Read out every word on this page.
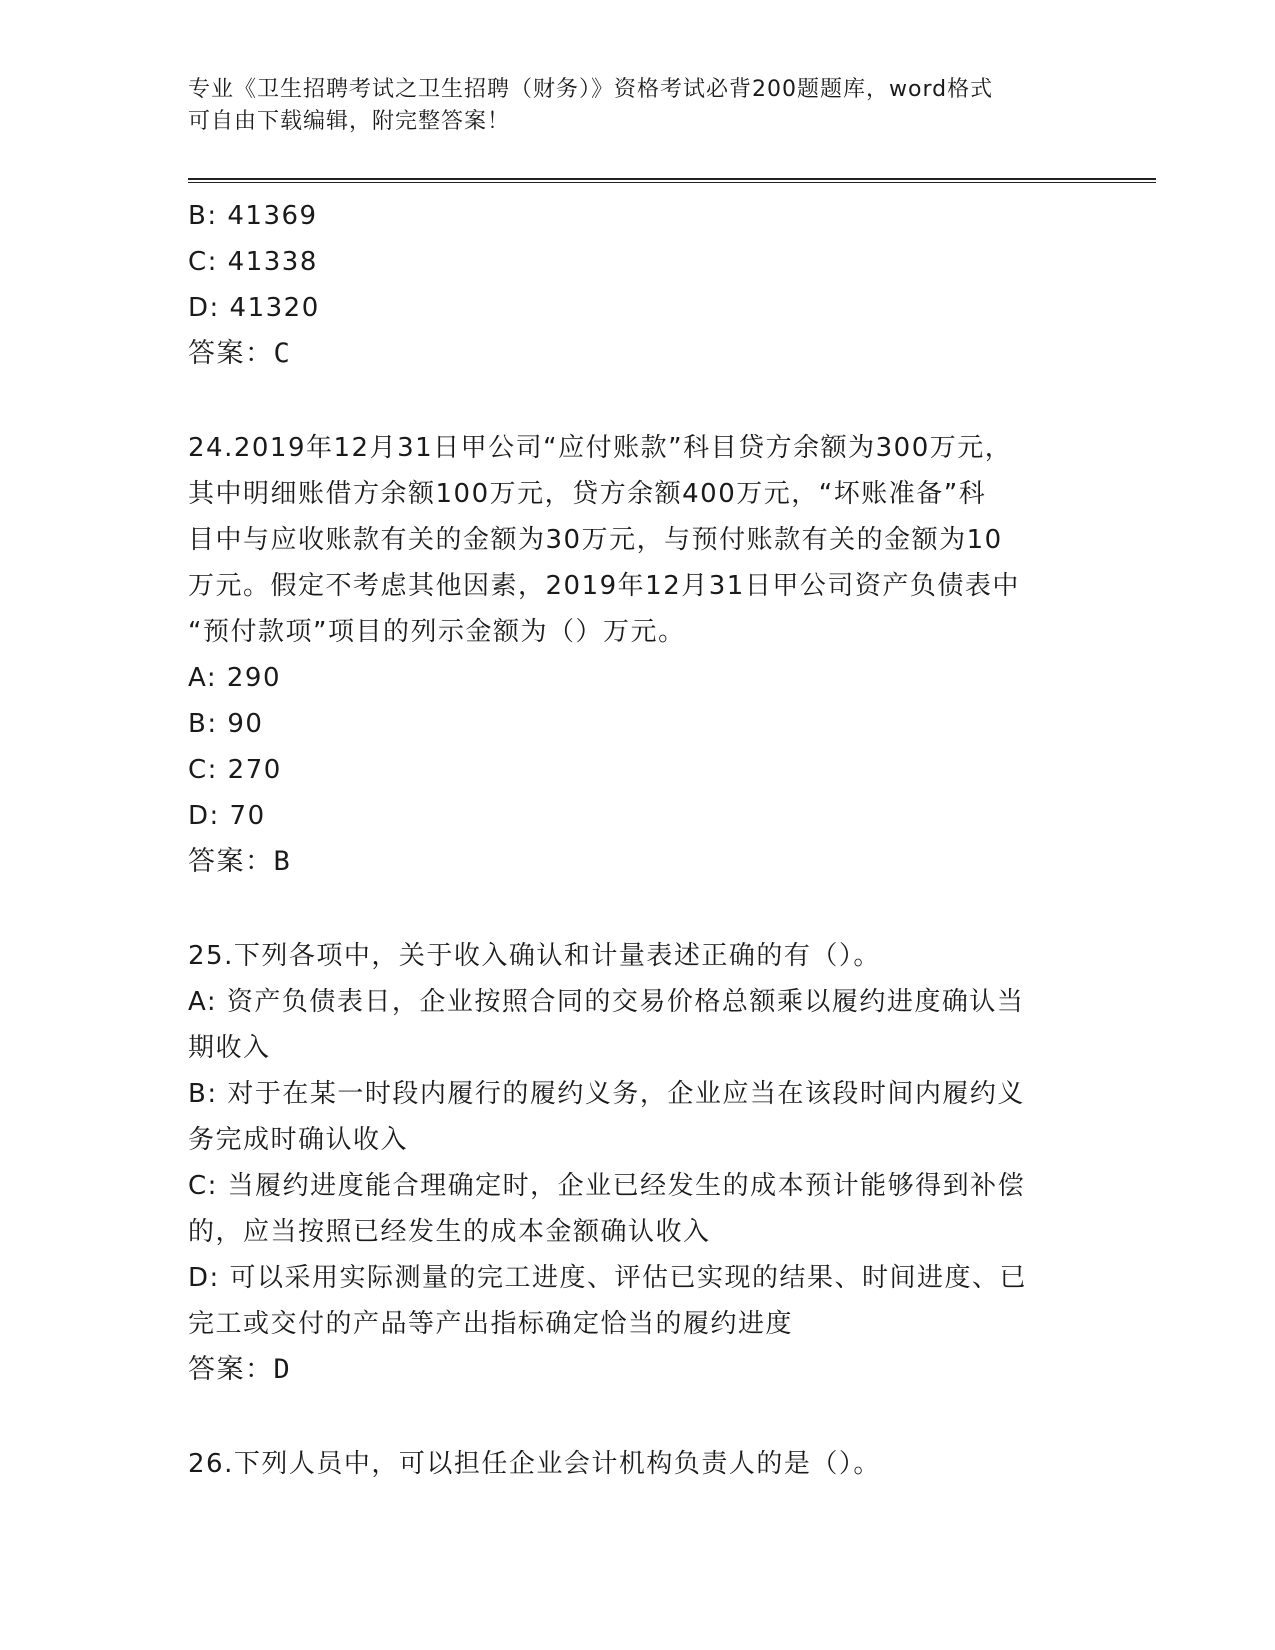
专业《卫生招聘考试之卫生招聘（财务）》资格考试必背200题题库，word格式
可自由下载编辑，附完整答案！
B: 41369
C: 41338
D: 41320
答案：C
24.2019年12月31日甲公司“应付账款”科目贷方余额为300万元，
其中明细账借方余额100万元，贷方余额400万元，“坏账准备”科
目中与应收账款有关的金额为30万元，与预付账款有关的金额为10
万元。假定不考虑其他因素，2019年12月31日甲公司资产负债表中
“预付款项”项目的列示金额为（）万元。
A: 290
B: 90
C: 270
D: 70
答案：B
25.下列各项中，关于收入确认和计量表述正确的有（）。
A: 资产负债表日，企业按照合同的交易价格总额乘以履约进度确认当
期收入
B: 对于在某一时段内履行的履约义务，企业应当在该段时间内履约义
务完成时确认收入
C: 当履约进度能合理确定时，企业已经发生的成本预计能够得到补偿
的，应当按照已经发生的成本金额确认收入
D: 可以采用实际测量的完工进度、评估已实现的结果、时间进度、已
完工或交付的产品等产出指标确定恰当的履约进度
答案：D
26.下列人员中，可以担任企业会计机构负责人的是（）。
